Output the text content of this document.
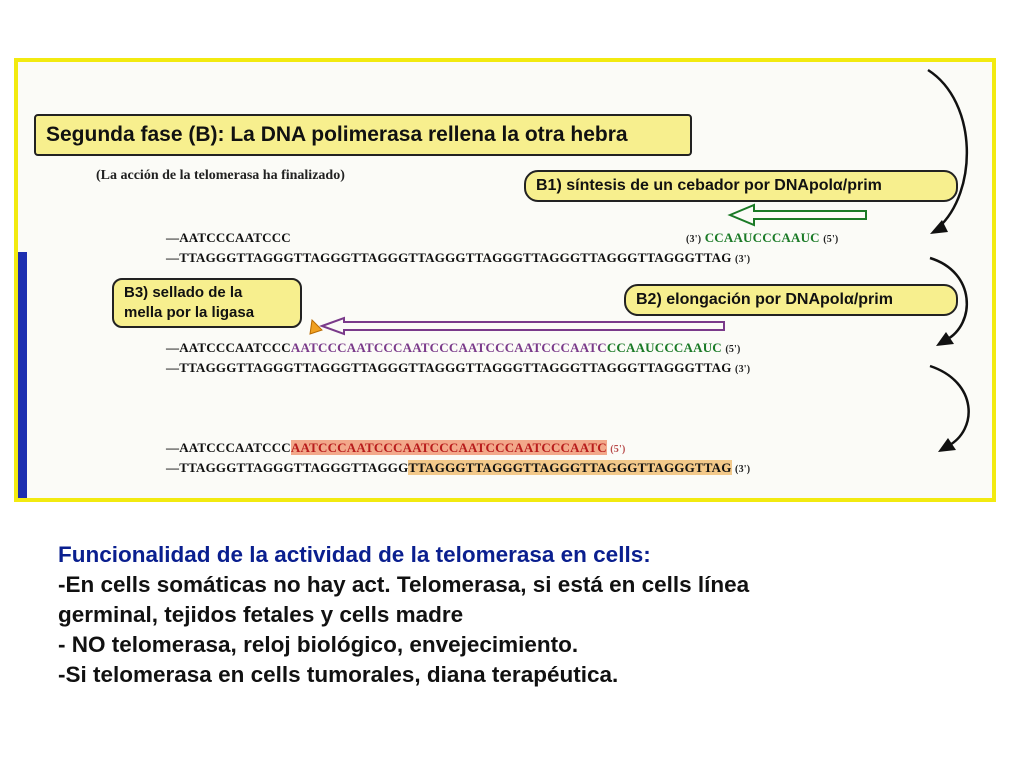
Segunda fase (B): La DNA polimerasa rellena la otra hebra
(La acción de la telomerasa ha finalizado)
B1) síntesis de un cebador por DNApolα/prim
—AATCCCAATCCC	(3') CCAAUCCCAAUC (5')
—TTAGGGTTAGGGTTAGGGTTAGGGTTAGGGTTAGGGTTAGGGTTAGGGTTAGGGTTAG (3')
B2) elongación por DNApolα/prim
B3) sellado de la
mella por la ligasa
—AATCCCAATCCCAATCCCAATCCCAATCCCAATCCCAATCCCAATCCCAAUCCCAAUC (5')
—TTAGGGTTAGGGTTAGGGTTAGGGTTAGGGTTAGGGTTAGGGTTAGGGTTAGGGTTAG (3')
—AATCCCAATCCCAATCCCAATCCCAATCCCAATCCCAATCCCAATC (5')
—TTAGGGTTAGGGTTAGGGTTAGGGTTAGGGTTAGGGTTAGGGTTAGGGTTAGGGTTAG (3')
Funcionalidad de la actividad de la telomerasa en cells:
-En cells somáticas no hay act. Telomerasa, si está en cells línea
germinal, tejidos fetales y cells madre
- NO telomerasa, reloj biológico, envejecimiento.
-Si telomerasa en cells tumorales, diana terapéutica.
